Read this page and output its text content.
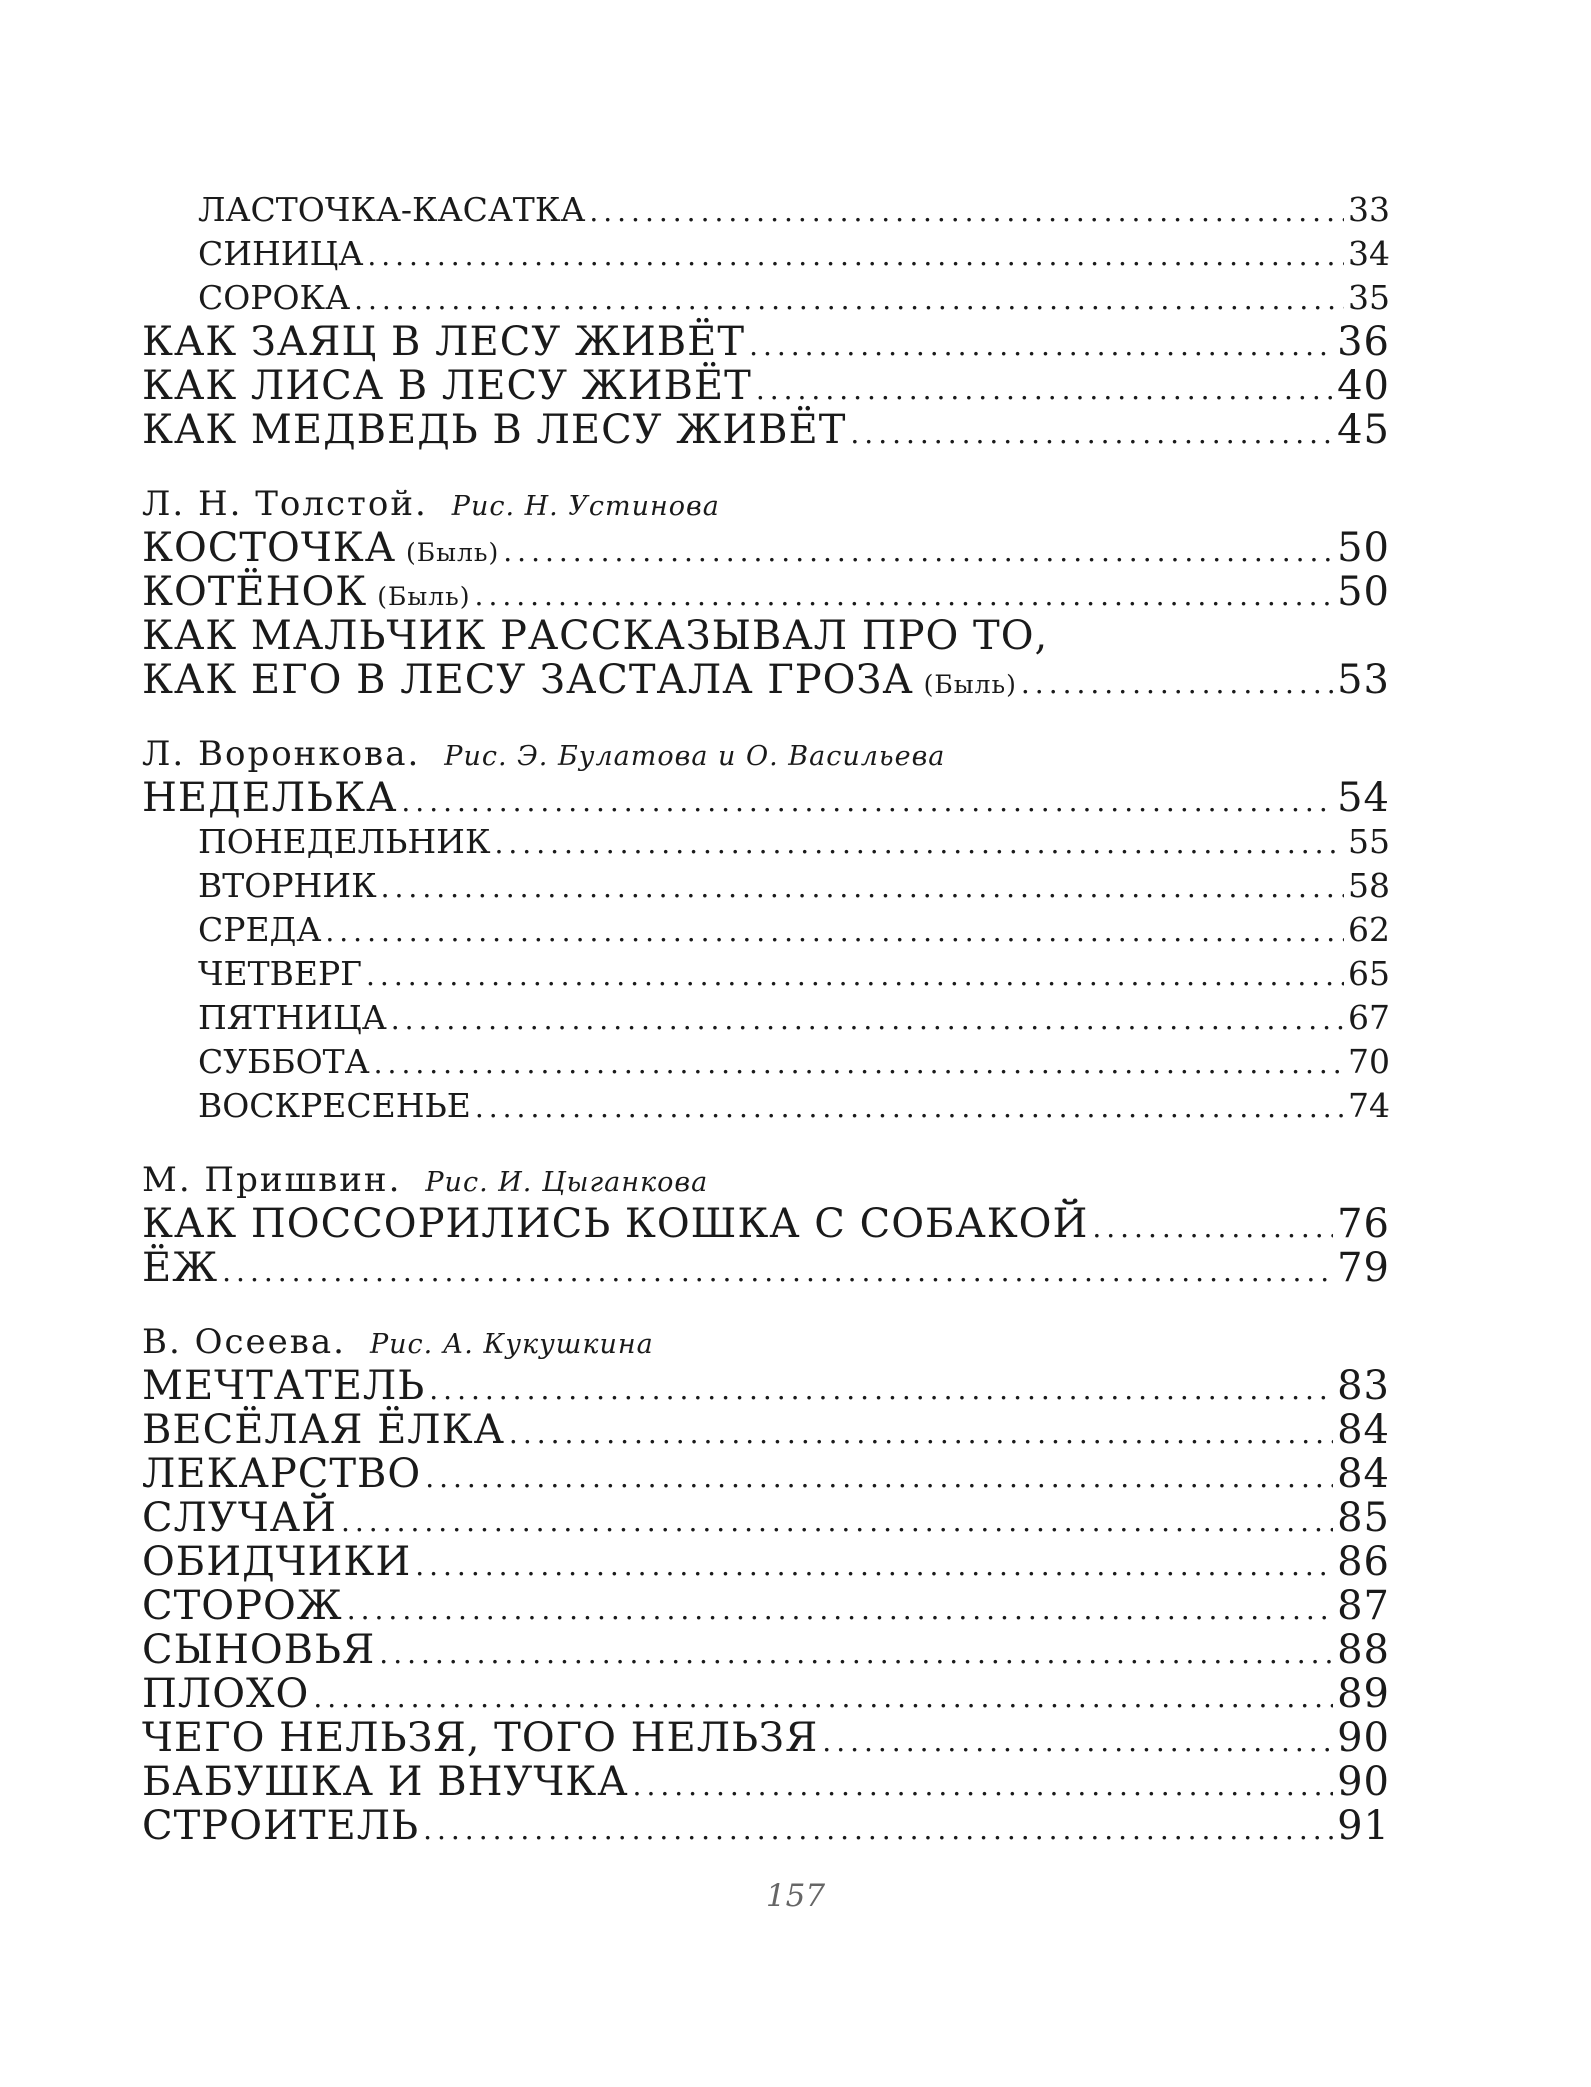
ЛАСТОЧКА-КАСАТКА .....	33
СИНИЦА .....	34
СОРОКА .....	35
КАК ЗАЯЦ В ЛЕСУ ЖИВЁТ .....	36
КАК ЛИСА В ЛЕСУ ЖИВЁТ .....	40
КАК МЕДВЕДЬ В ЛЕСУ ЖИВЁТ .....	45
Л. Н. Толстой. Рис. Н. Устинова
КОСТОЧКА (Быль) .....	50
КОТЁНОК (Быль) .....	50
КАК МАЛЬЧИК РАССКАЗЫВАЛ ПРО ТО,
КАК ЕГО В ЛЕСУ ЗАСТАЛА ГРОЗА (Быль) .....	53
Л. Воронкова. Рис. Э. Булатова и О. Васильева
НЕДЕЛЬКА .....	54
ПОНЕДЕЛЬНИК .....	55
ВТОРНИК .....	58
СРЕДА .....	62
ЧЕТВЕРГ .....	65
ПЯТНИЦА .....	67
СУББОТА .....	70
ВОСКРЕСЕНЬЕ .....	74
М. Пришвин. Рис. И. Цыганкова
КАК ПОССОРИЛИСЬ КОШКА С СОБАКОЙ .....	76
ЁЖ .....	79
В. Осеева. Рис. А. Кукушкина
МЕЧТАТЕЛЬ .....	83
ВЕСЁЛАЯ ЁЛКА .....	84
ЛЕКАРСТВО .....	84
СЛУЧАЙ .....	85
ОБИДЧИКИ .....	86
СТОРОЖ .....	87
СЫНОВЬЯ .....	88
ПЛОХО .....	89
ЧЕГО НЕЛЬЗЯ, ТОГО НЕЛЬЗЯ .....	90
БАБУШКА И ВНУЧКА .....	90
СТРОИТЕЛЬ .....	91
157
